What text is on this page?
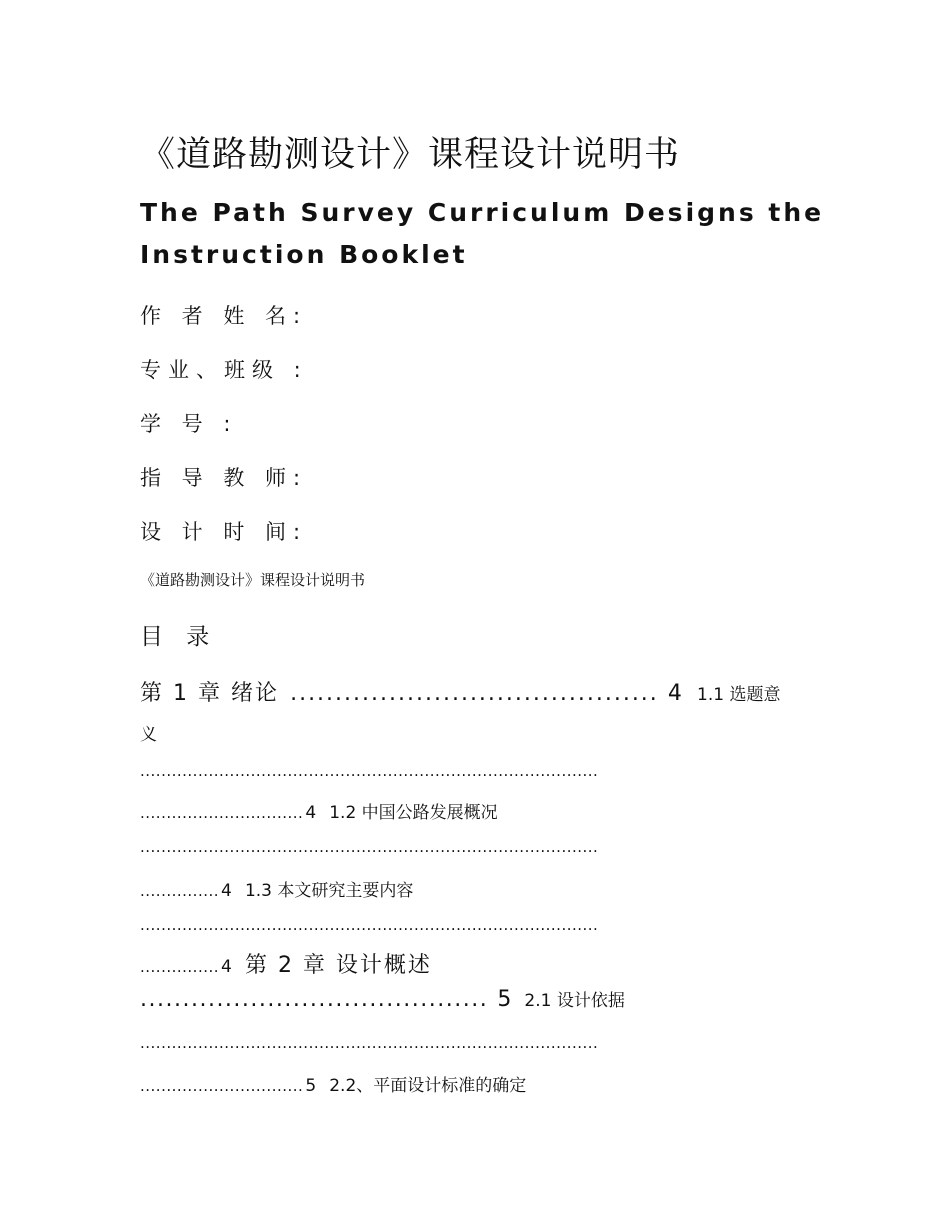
《道路勘测设计》课程设计说明书
The Path Survey Curriculum Designs the
Instruction Booklet
作 者 姓 名:
专业、班级 :
学 号 :
指 导 教 师:
设 计 时 间:
《道路勘测设计》课程设计说明书
目 录
第 1 章 绪论 ......................................... 4 1.1 选题意
义
.......................................................................................
............................... 4 1.2 中国公路发展概况
.......................................................................................
............... 4 1.3 本文研究主要内容
.......................................................................................
............... 4 第 2 章 设计概述
......................................... 5 2.1 设计依据
.......................................................................................
............................... 5 2.2、平面设计标准的确定
